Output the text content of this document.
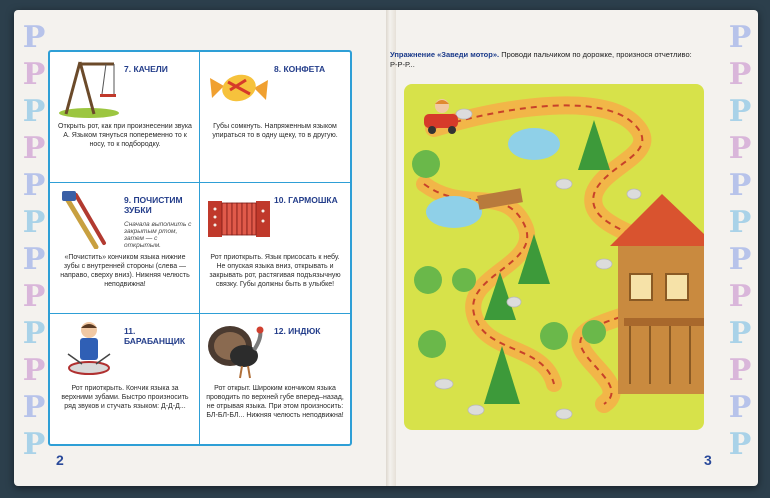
Р
Р
Р
Р
Р
Р
Р
Р
Р
Р
Р
Р
Р
Р
Р
Р
Р
Р
Р
Р
Р
Р
Р
Р
7. КАЧЕЛИ
Открыть рот, как при произнесении звука А. Языком тянуться попеременно то к носу, то к подбородку.
8. КОНФЕТА
Губы сомкнуть. Напряженным языком упираться то в одну щеку, то в другую.
9. ПОЧИСТИМ ЗУБКИ
Сначала выполнить с закрытым ртом, затем — с открытым.
«Почистить» кончиком языка нижние зубы с внутренней стороны (слева — направо, сверху вниз). Нижняя челюсть неподвижна!
10. ГАРМОШКА
Рот приоткрыть. Язык присосать к небу. Не опуская языка вниз, открывать и закрывать рот, растягивая подъязычную связку. Губы должны быть в улыбке!
11. БАРАБАНЩИК
Рот приоткрыть. Кончик языка за верхними зубами. Быстро произносить ряд звуков и стучать языком: Д-Д-Д...
12. ИНДЮК
Рот открыт. Широким кончиком языка проводить по верхней губе вперед–назад, не отрывая языка. При этом произносить: БЛ-БЛ-БЛ... Нижняя челюсть неподвижна!
2
Упражнение «Заведи мотор». Проводи пальчиком по дорожке, произнося отчетливо:
Р-Р-Р...
3
